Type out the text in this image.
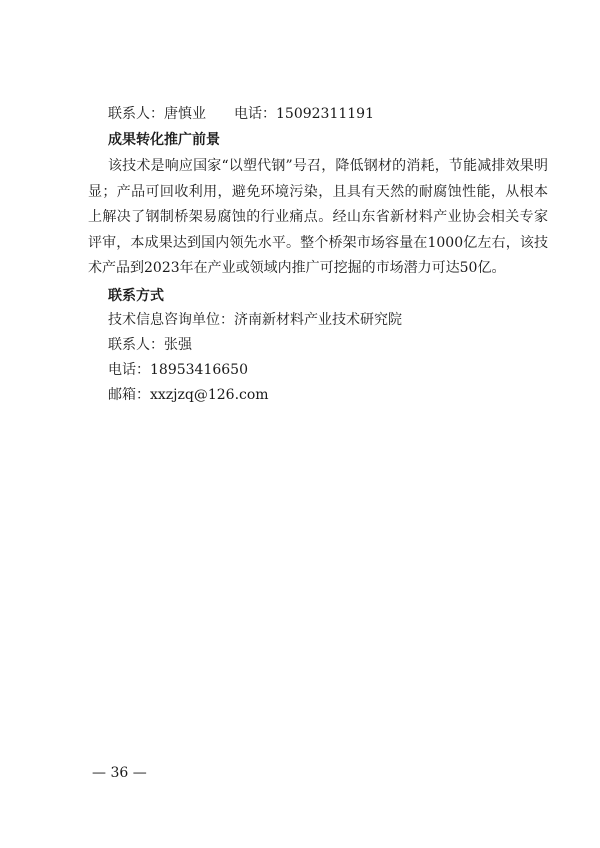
联系人：唐慎业 电话：15092311191
成果转化推广前景
该技术是响应国家“以塑代钢”号召，降低钢材的消耗，节能减排效果明显；产品可回收利用，避免环境污染，且具有天然的耐腐蚀性能，从根本上解决了钢制桥架易腐蚀的行业痛点。经山东省新材料产业协会相关专家评审，本成果达到国内领先水平。整个桥架市场容量在1000亿左右，该技术产品到2023年在产业或领域内推广可挖掘的市场潜力可达50亿。
联系方式
技术信息咨询单位：济南新材料产业技术研究院
联系人：张强
电话：18953416650
邮箱：xxzjzq@126.com
— 36 —
